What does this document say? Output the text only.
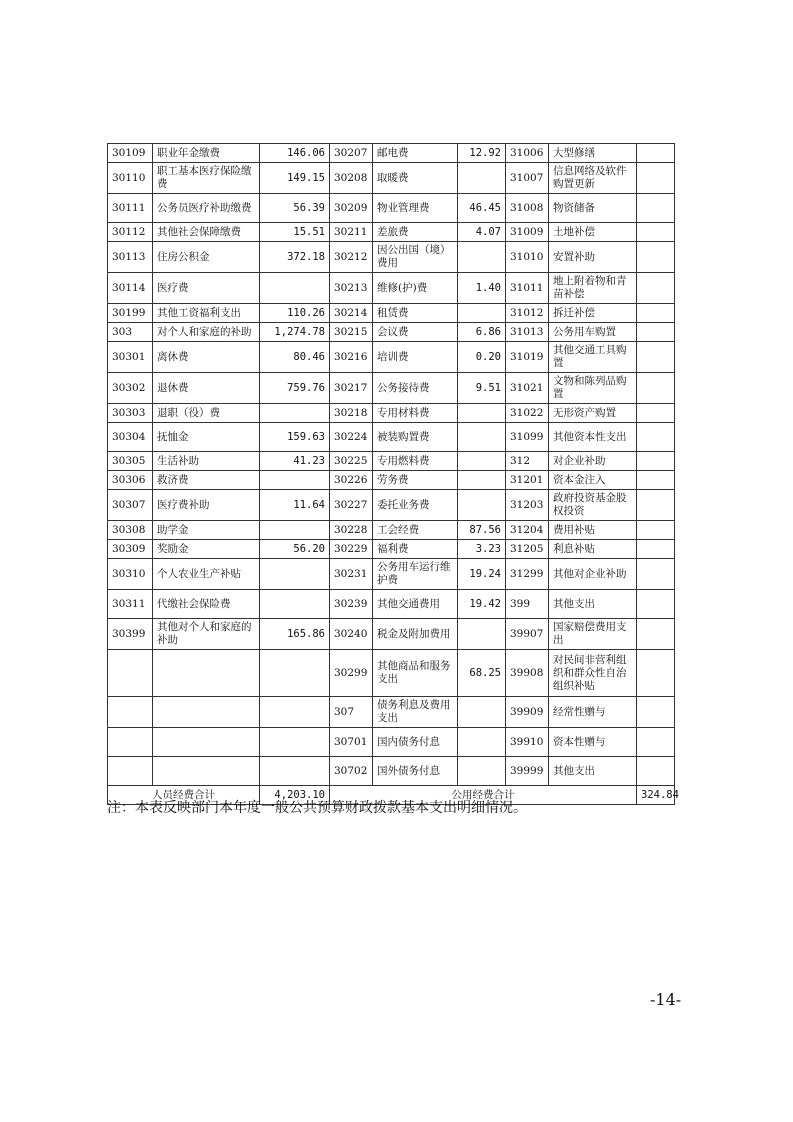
30109	职业年金缴费	146.06	30207	邮电费	12.92	31006	大型修缮	
30110	职工基本医疗保险缴费	149.15	30208	取暖费		31007	信息网络及软件购置更新	
30111	公务员医疗补助缴费	56.39	30209	物业管理费	46.45	31008	物资储备	
30112	其他社会保障缴费	15.51	30211	差旅费	4.07	31009	土地补偿	
30113	住房公积金	372.18	30212	因公出国（境）费用		31010	安置补助	
30114	医疗费		30213	维修(护)费	1.40	31011	地上附着物和青苗补偿	
30199	其他工资福利支出	110.26	30214	租赁费		31012	拆迁补偿	
303	对个人和家庭的补助	1,274.78	30215	会议费	6.86	31013	公务用车购置	
30301	离休费	80.46	30216	培训费	0.20	31019	其他交通工具购置	
30302	退休费	759.76	30217	公务接待费	9.51	31021	文物和陈列品购置	
30303	退职（役）费		30218	专用材料费		31022	无形资产购置	
30304	抚恤金	159.63	30224	被装购置费		31099	其他资本性支出	
30305	生活补助	41.23	30225	专用燃料费		312	对企业补助	
30306	救济费		30226	劳务费		31201	资本金注入	
30307	医疗费补助	11.64	30227	委托业务费		31203	政府投资基金股权投资	
30308	助学金		30228	工会经费	87.56	31204	费用补贴	
30309	奖励金	56.20	30229	福利费	3.23	31205	利息补贴	
30310	个人农业生产补贴		30231	公务用车运行维护费	19.24	31299	其他对企业补助	
30311	代缴社会保险费		30239	其他交通费用	19.42	399	其他支出	
30399	其他对个人和家庭的补助	165.86	30240	税金及附加费用		39907	国家赔偿费用支出	
			30299	其他商品和服务支出	68.25	39908	对民间非营利组织和群众性自治组织补贴	
			307	债务利息及费用支出		39909	经常性赠与	
			30701	国内债务付息		39910	资本性赠与	
			30702	国外债务付息		39999	其他支出	
人员经费合计		4,203.10	公用经费合计					324.84
注：本表反映部门本年度一般公共预算财政拨款基本支出明细情况。
-14-
